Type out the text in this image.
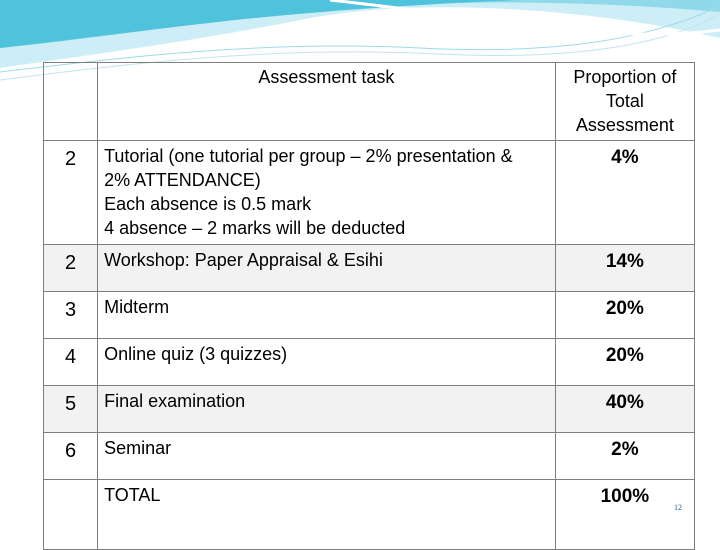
	Assessment task	Proportion of
Total
Assessment

2	Tutorial (one tutorial per group – 2% presentation &
2% ATTENDANCE)
Each absence is 0.5 mark
4 absence – 2 marks will be deducted	4%
2	Workshop: Paper Appraisal & Esihi	14%
3	Midterm	20%
4	Online quiz (3 quizzes)	20%
5	Final examination	40%
6	Seminar	2%
	TOTAL	100%
12
